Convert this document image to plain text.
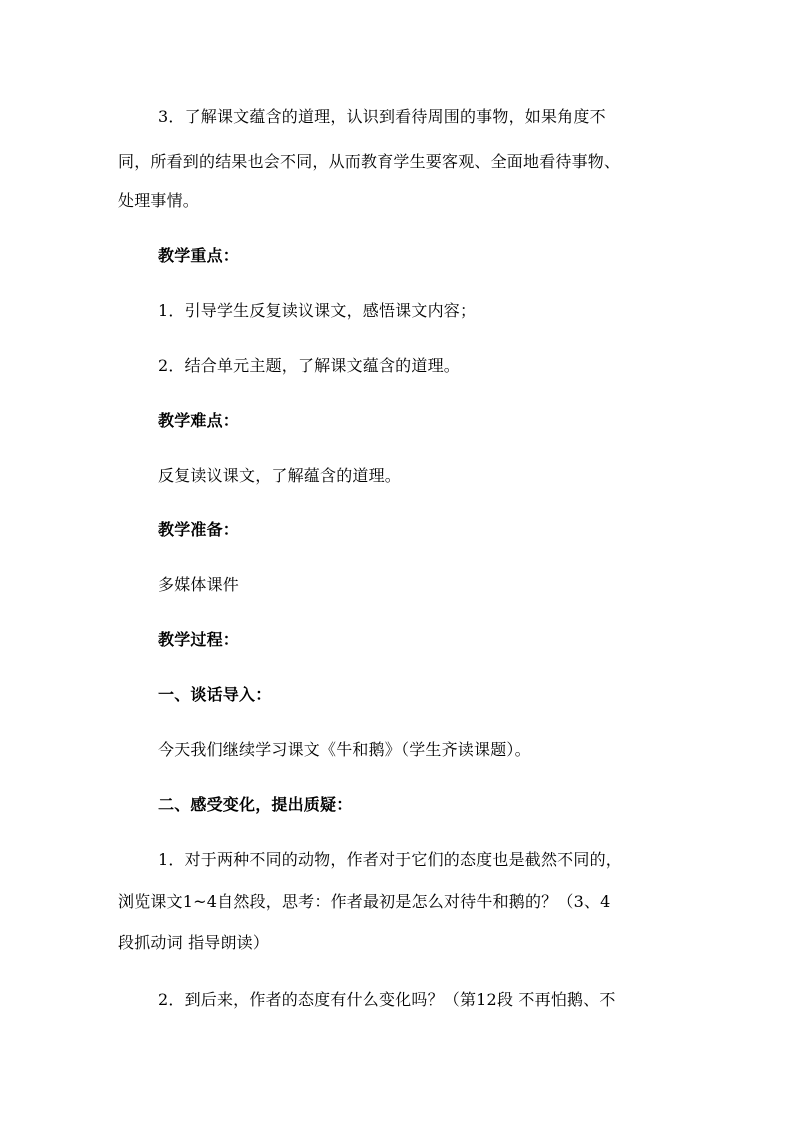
3．了解课文蕴含的道理，认识到看待周围的事物，如果角度不
同，所看到的结果也会不同，从而教育学生要客观、全面地看待事物、
处理事情。
教学重点：
1．引导学生反复读议课文，感悟课文内容；
2．结合单元主题，了解课文蕴含的道理。
教学难点：
反复读议课文，了解蕴含的道理。
教学准备：
多媒体课件
教学过程：
一、谈话导入：
今天我们继续学习课文《牛和鹅》（学生齐读课题）。
二、感受变化，提出质疑：
1．对于两种不同的动物，作者对于它们的态度也是截然不同的，
浏览课文1~4自然段，思考：作者最初是怎么对待牛和鹅的？（3、4
段抓动词 指导朗读）
2．到后来，作者的态度有什么变化吗？（第12段 不再怕鹅、不
